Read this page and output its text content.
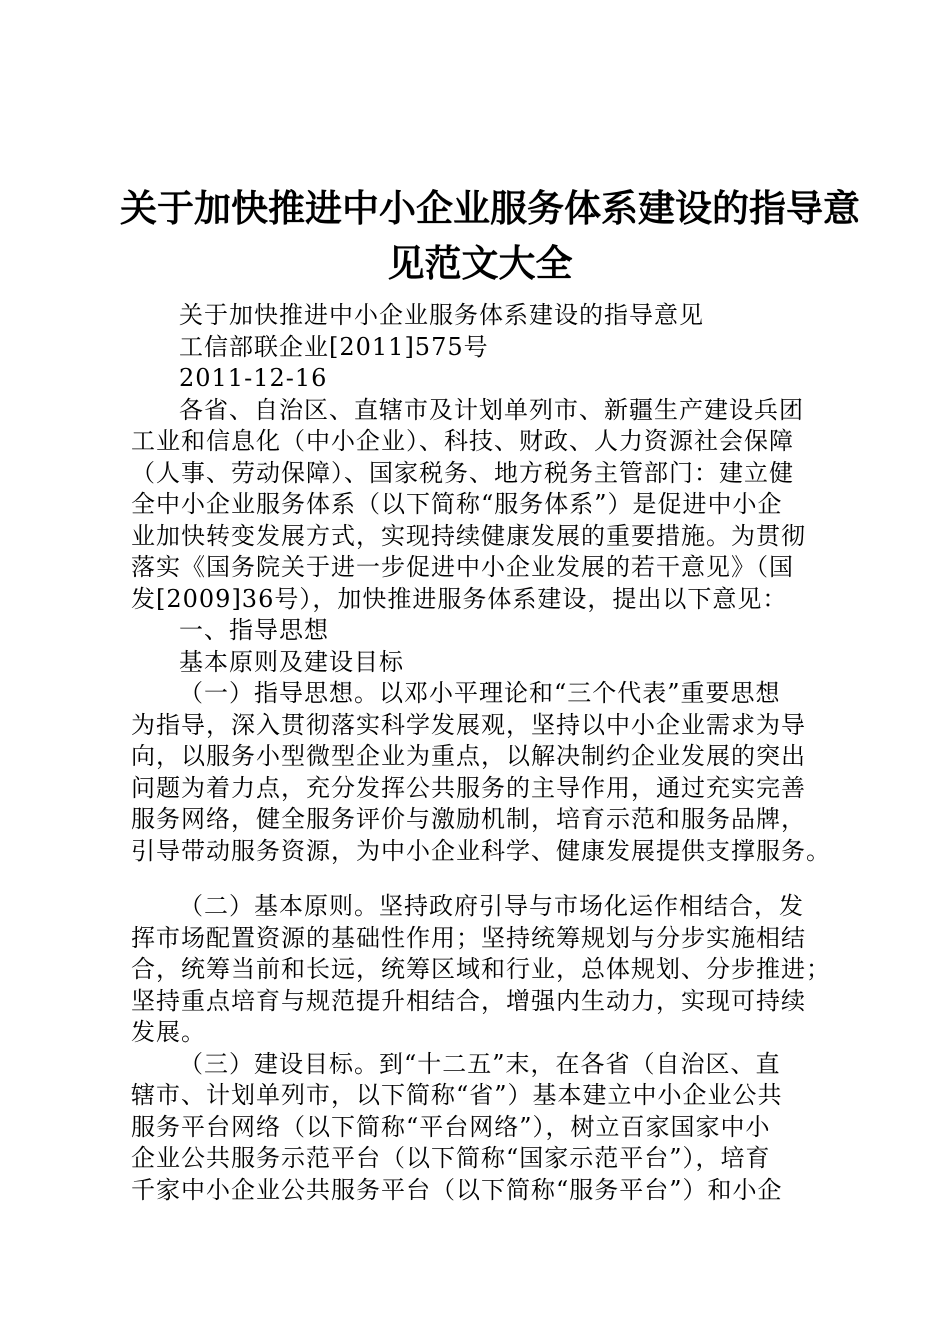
关于加快推进中小企业服务体系建设的指导意
见范文大全
关于加快推进中小企业服务体系建设的指导意见
工信部联企业[2011]575号
2011-12-16
各省、自治区、直辖市及计划单列市、新疆生产建设兵团
工业和信息化（中小企业）、科技、财政、人力资源社会保障
（人事、劳动保障）、国家税务、地方税务主管部门：建立健
全中小企业服务体系（以下简称“服务体系”）是促进中小企
业加快转变发展方式，实现持续健康发展的重要措施。为贯彻
落实《国务院关于进一步促进中小企业发展的若干意见》（国
发[2009]36号），加快推进服务体系建设，提出以下意见：
一、指导思想
基本原则及建设目标
（一）指导思想。以邓小平理论和“三个代表”重要思想
为指导，深入贯彻落实科学发展观，坚持以中小企业需求为导
向，以服务小型微型企业为重点，以解决制约企业发展的突出
问题为着力点，充分发挥公共服务的主导作用，通过充实完善
服务网络，健全服务评价与激励机制，培育示范和服务品牌，
引导带动服务资源，为中小企业科学、健康发展提供支撑服务。
（二）基本原则。坚持政府引导与市场化运作相结合，发
挥市场配置资源的基础性作用；坚持统筹规划与分步实施相结
合，统筹当前和长远，统筹区域和行业，总体规划、分步推进；
坚持重点培育与规范提升相结合，增强内生动力，实现可持续
发展。
（三）建设目标。到“十二五”末，在各省（自治区、直
辖市、计划单列市，以下简称“省”）基本建立中小企业公共
服务平台网络（以下简称“平台网络”），树立百家国家中小
企业公共服务示范平台（以下简称“国家示范平台”），培育
千家中小企业公共服务平台（以下简称“服务平台”）和小企
